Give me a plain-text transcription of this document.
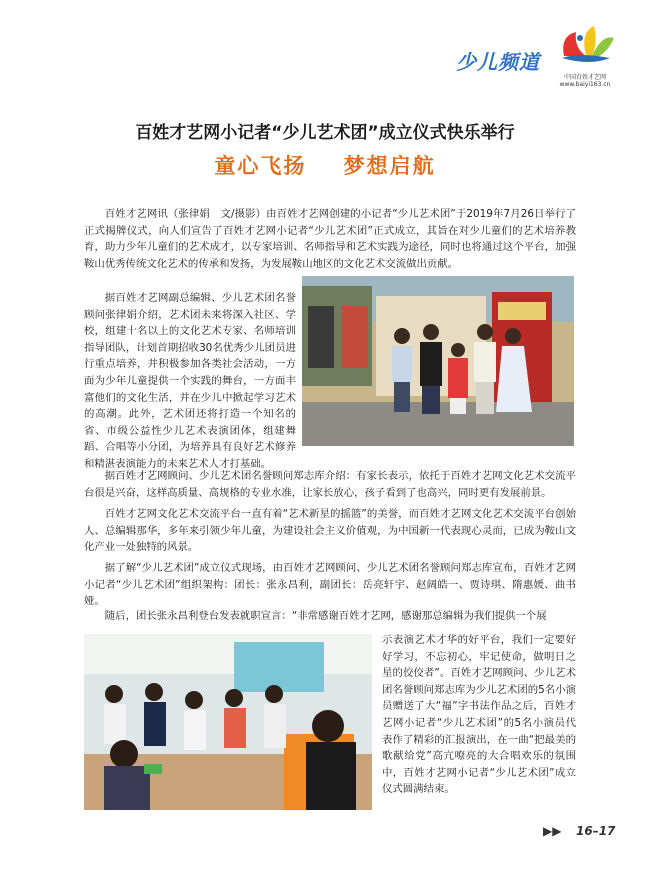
少儿频道
中国百姓才艺网
www.baiyi163.cn
百姓才艺网小记者“少儿艺术团”成立仪式快乐举行
童心飞扬 梦想启航

百姓才艺网讯（张律娟　文/摄影）由百姓才艺网创建的小记者“少儿艺术团”于2019年7月26日举行了正式揭牌仪式，向人们宣告了百姓才艺网小记者“少儿艺术团”正式成立，其旨在对少儿童们的艺术培养教育，助力少年儿童们的艺术成才，以专家培训、名师指导和艺术实践为途径，同时也将通过这个平台，加强鞍山优秀传统文化艺术的传承和发扬，为发展鞍山地区的文化艺术交流做出贡献。

据百姓才艺网副总编辑、少儿艺术团名誉顾问张律娟介绍，艺术团未来将深入社区、学校，组建十名以上的文化艺术专家、名师培训指导团队，计划首期招收30名优秀少儿团员进行重点培养，并积极参加各类社会活动，一方面为少年儿童提供一个实践的舞台，一方面丰富他们的文化生活，并在少儿中掀起学习艺术的高潮。此外，艺术团还将打造一个知名的省、市级公益性少儿艺术表演团体，组建舞蹈、合唱等小分团，为培养具有良好艺术修养和精湛表演能力的未来艺术人才打基础。

据百姓才艺网顾问、少儿艺术团名誉顾问郑志库介绍：有家长表示，依托于百姓才艺网文化艺术交流平台很是兴奋，这样高质量、高规格的专业水准，让家长放心，孩子看到了也高兴，同时更有发展前景。

百姓才艺网文化艺术交流平台一直有着“艺术新星的摇篮”的美誉，而百姓才艺网文化艺术交流平台创始人、总编辑那华，多年来引领少年儿童，为建设社会主义价值观，为中国新一代表现心灵而，已成为鞍山文化产业一处独特的风景。

据了解“少儿艺术团”成立仪式现场，由百姓才艺网顾问、少儿艺术团名誉顾问郑志库宣布，百姓才艺网小记者“少儿艺术团”组织架构：团长：张永昌利，副团长：岳亮轩宇、赵阔皓一、贾诗琪、隋惠媛、曲书娅。

随后，团长张永昌利登台发表就职宣言：“非常感谢百姓才艺网，感谢那总编辑为我们提供一个展

示表演艺术才华的好平台，我们一定要好好学习，不忘初心，牢记使命，做明日之星的佼佼者”。百姓才艺网顾问、少儿艺术团名誉顾问郑志库为少儿艺术团的5名小演员赠送了大“福”字书法作品之后，百姓才艺网小记者“少儿艺术团”的5名小演员代表作了精彩的汇报演出，在一曲“把最美的歌献给党”高亢嘹亮的大合唱欢乐的氛围中，百姓才艺网小记者“少儿艺术团”成立仪式圆满结束。

▶▶ 16–17
